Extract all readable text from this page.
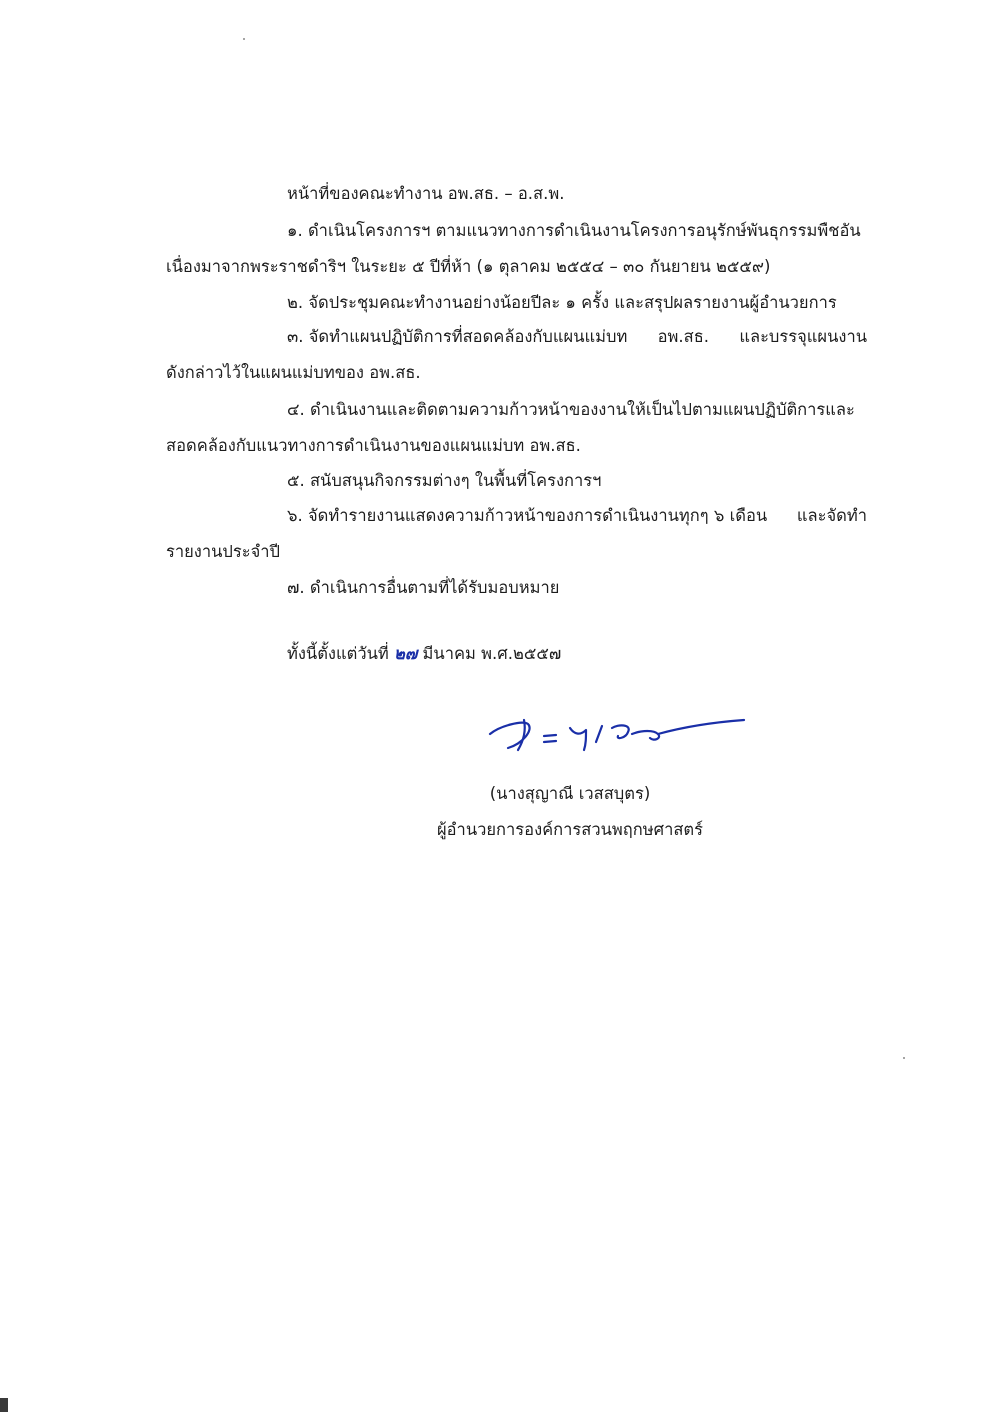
หน้าที่ของคณะทำงาน อพ.สธ. – อ.ส.พ.
๑. ดำเนินโครงการฯ ตามแนวทางการดำเนินงานโครงการอนุรักษ์พันธุกรรมพืชอัน
เนื่องมาจากพระราชดำริฯ ในระยะ ๕ ปีที่ห้า (๑ ตุลาคม ๒๕๕๔ – ๓๐ กันยายน ๒๕๕๙)
๒. จัดประชุมคณะทำงานอย่างน้อยปีละ ๑ ครั้ง และสรุปผลรายงานผู้อำนวยการ
๓. จัดทำแผนปฏิบัติการที่สอดคล้องกับแผนแม่บท อพ.สธ. และบรรจุแผนงาน
ดังกล่าวไว้ในแผนแม่บทของ อพ.สธ.
๔. ดำเนินงานและติดตามความก้าวหน้าของงานให้เป็นไปตามแผนปฏิบัติการและ
สอดคล้องกับแนวทางการดำเนินงานของแผนแม่บท อพ.สธ.
๕. สนับสนุนกิจกรรมต่างๆ ในพื้นที่โครงการฯ
๖. จัดทำรายงานแสดงความก้าวหน้าของการดำเนินงานทุกๆ ๖ เดือน และจัดทำ
รายงานประจำปี
๗. ดำเนินการอื่นตามที่ได้รับมอบหมาย
ทั้งนี้ตั้งแต่วันที่ ๒๗ มีนาคม พ.ศ.๒๕๕๗
(นางสุญาณี เวสสบุตร)
ผู้อำนวยการองค์การสวนพฤกษศาสตร์
